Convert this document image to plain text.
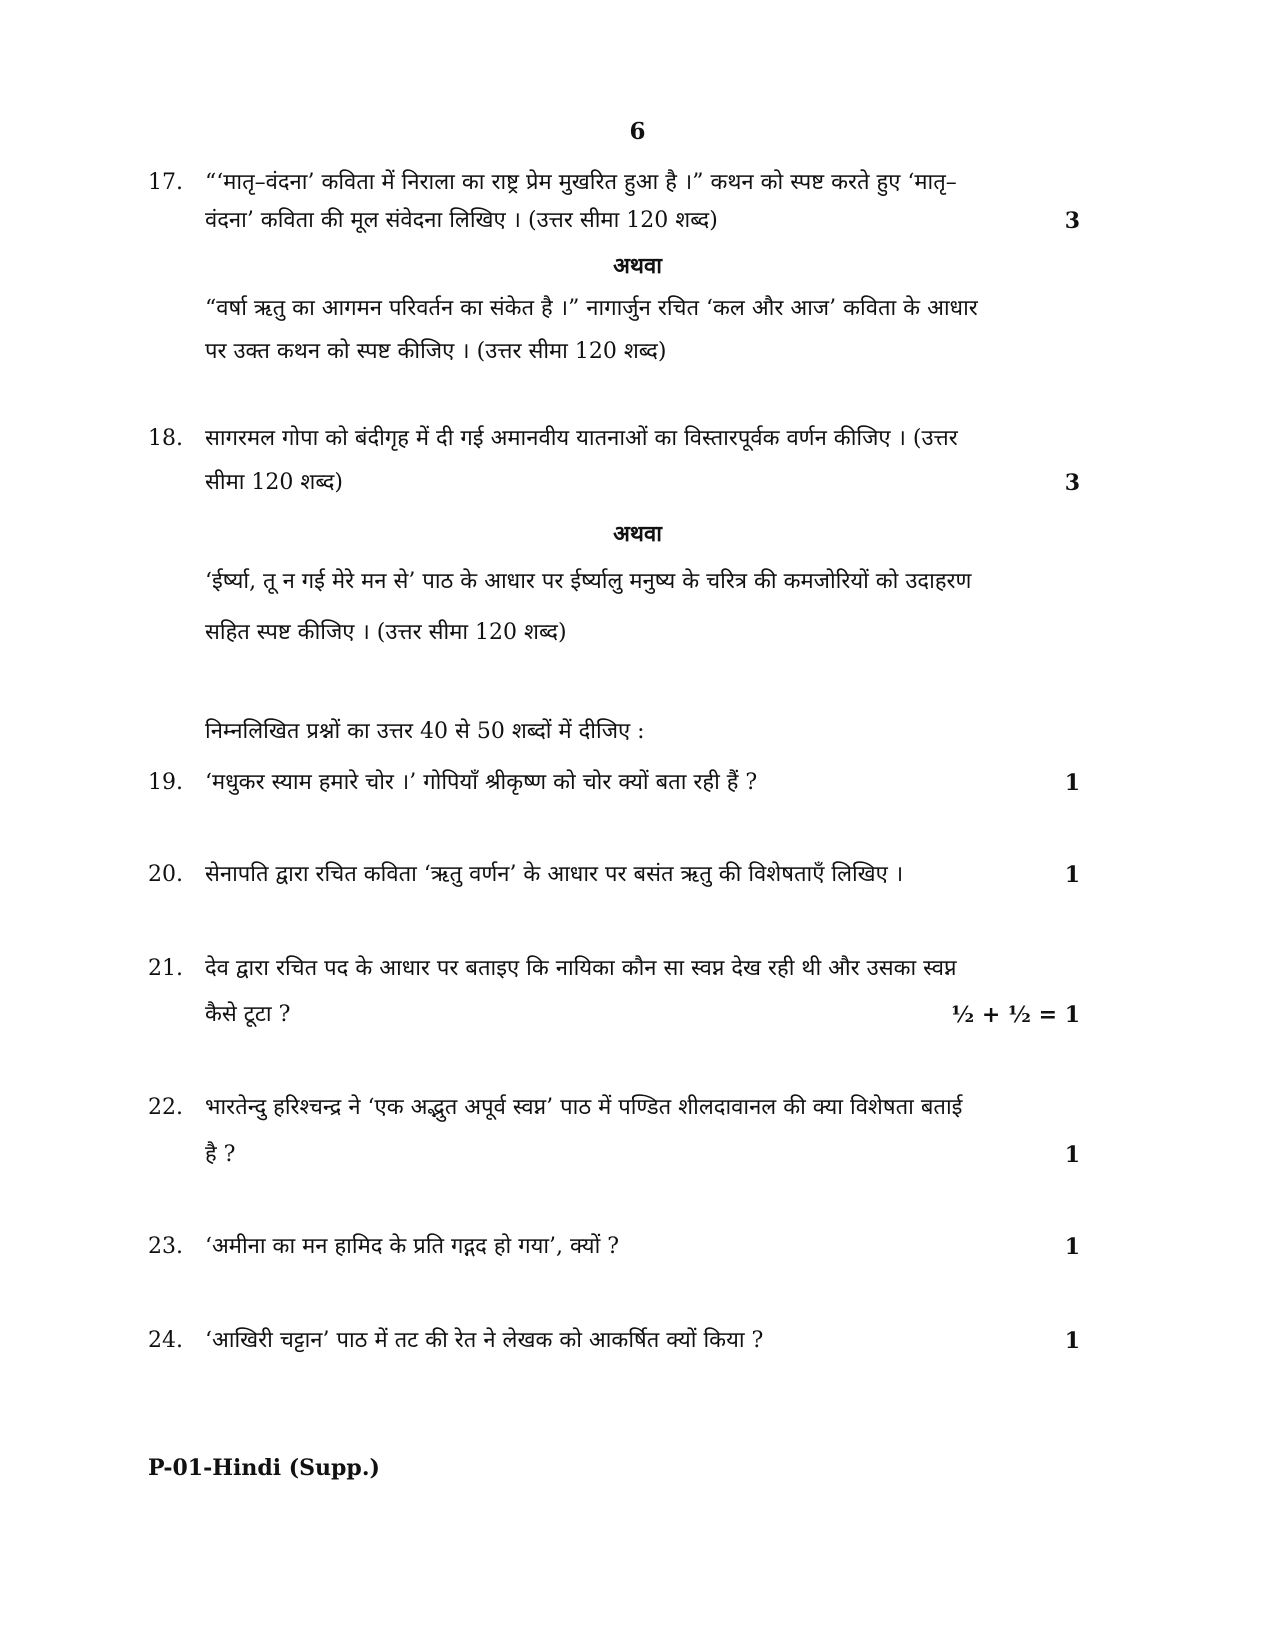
6
17. “‘मातृ–वंदना’ कविता में निराला का राष्ट्र प्रेम मुखरित हुआ है ।” कथन को स्पष्ट करते हुए ‘मातृ–
वंदना’ कविता की मूल संवेदना लिखिए । (उत्तर सीमा 120 शब्द)	3
अथवा
“वर्षा ऋतु का आगमन परिवर्तन का संकेत है ।” नागार्जुन रचित ‘कल और आज’ कविता के आधार
पर उक्त कथन को स्पष्ट कीजिए । (उत्तर सीमा 120 शब्द)
18. सागरमल गोपा को बंदीगृह में दी गई अमानवीय यातनाओं का विस्तारपूर्वक वर्णन कीजिए । (उत्तर
सीमा 120 शब्द)	3
अथवा
‘ईर्ष्या, तू न गई मेरे मन से’ पाठ के आधार पर ईर्ष्यालु मनुष्य के चरित्र की कमजोरियों को उदाहरण
सहित स्पष्ट कीजिए । (उत्तर सीमा 120 शब्द)
निम्नलिखित प्रश्नों का उत्तर 40 से 50 शब्दों में दीजिए :
19. ‘मधुकर स्याम हमारे चोर ।’ गोपियाँ श्रीकृष्ण को चोर क्यों बता रही हैं ?	1
20. सेनापति द्वारा रचित कविता ‘ऋतु वर्णन’ के आधार पर बसंत ऋतु की विशेषताएँ लिखिए ।	1
21. देव द्वारा रचित पद के आधार पर बताइए कि नायिका कौन सा स्वप्न देख रही थी और उसका स्वप्न
कैसे टूटा ?	½ + ½ = 1
22. भारतेन्दु हरिश्चन्द्र ने ‘एक अद्भुत अपूर्व स्वप्न’ पाठ में पण्डित शीलदावानल की क्या विशेषता बताई
है ?	1
23. ‘अमीना का मन हामिद के प्रति गद्गद हो गया’, क्यों ?	1
24. ‘आखिरी चट्टान’ पाठ में तट की रेत ने लेखक को आकर्षित क्यों किया ?	1
P-01-Hindi (Supp.)
